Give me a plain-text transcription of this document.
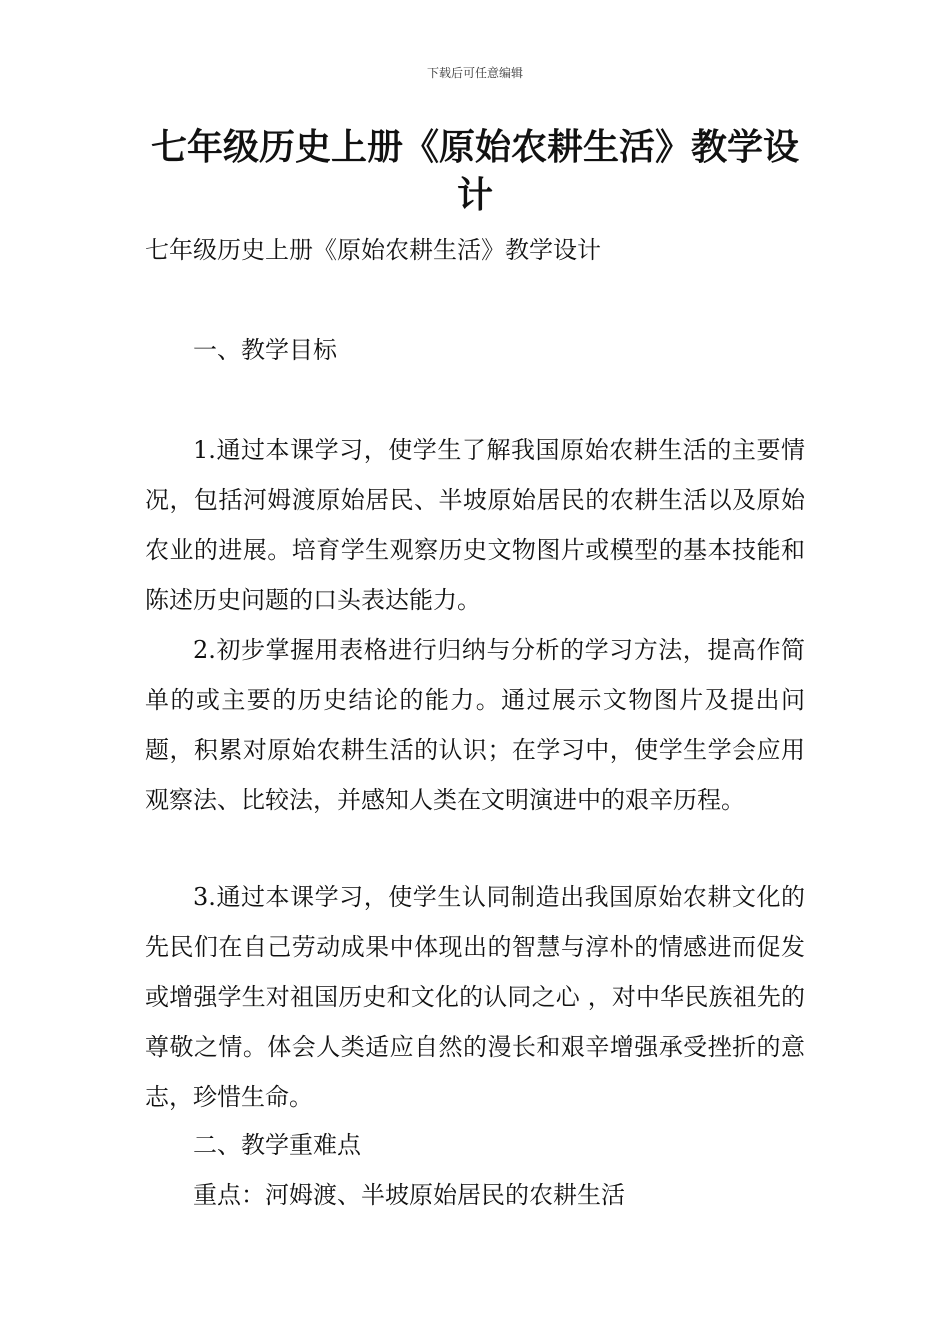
下载后可任意编辑
七年级历史上册《原始农耕生活》教学设计

七年级历史上册《原始农耕生活》教学设计

一、教学目标

1.通过本课学习，使学生了解我国原始农耕生活的主要情况，包括河姆渡原始居民、半坡原始居民的农耕生活以及原始农业的进展。培育学生观察历史文物图片或模型的基本技能和陈述历史问题的口头表达能力。

2.初步掌握用表格进行归纳与分析的学习方法，提高作简单的或主要的历史结论的能力。通过展示文物图片及提出问题，积累对原始农耕生活的认识；在学习中，使学生学会应用观察法、比较法，并感知人类在文明演进中的艰辛历程。

3.通过本课学习，使学生认同制造出我国原始农耕文化的先民们在自己劳动成果中体现出的智慧与淳朴的情感进而促发或增强学生对祖国历史和文化的认同之心 ，对中华民族祖先的尊敬之情。体会人类适应自然的漫长和艰辛增强承受挫折的意志，珍惜生命。

二、教学重难点

重点：河姆渡、半坡原始居民的农耕生活
